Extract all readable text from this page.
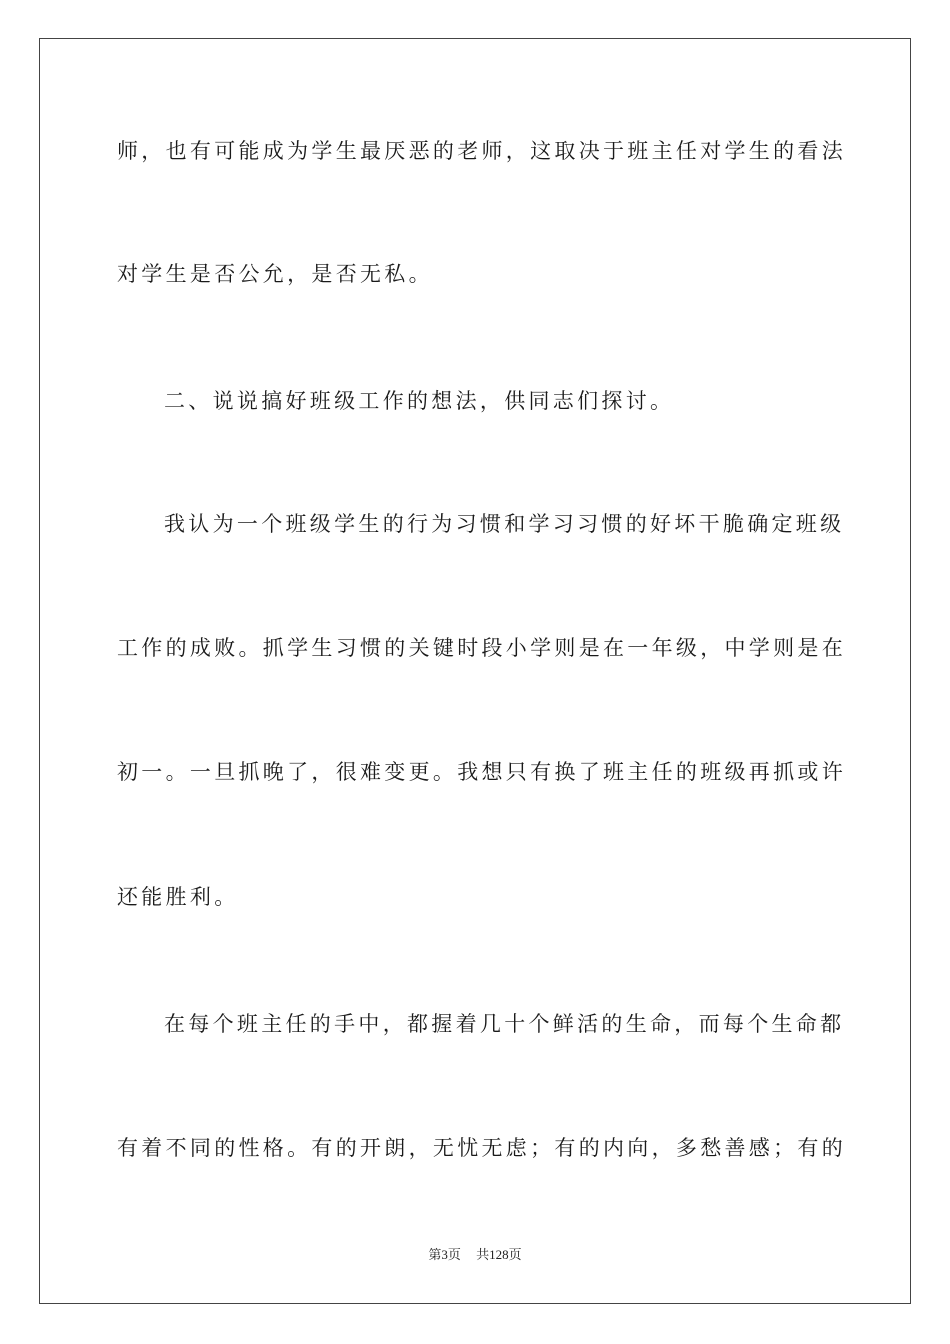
师，也有可能成为学生最厌恶的老师，这取决于班主任对学生的看法
对学生是否公允，是否无私。
二、说说搞好班级工作的想法，供同志们探讨。
我认为一个班级学生的行为习惯和学习习惯的好坏干脆确定班级
工作的成败。抓学生习惯的关键时段小学则是在一年级，中学则是在
初一。一旦抓晚了，很难变更。我想只有换了班主任的班级再抓或许
还能胜利。
在每个班主任的手中，都握着几十个鲜活的生命，而每个生命都
有着不同的性格。有的开朗，无忧无虑；有的内向，多愁善感；有的
第3页 共128页
